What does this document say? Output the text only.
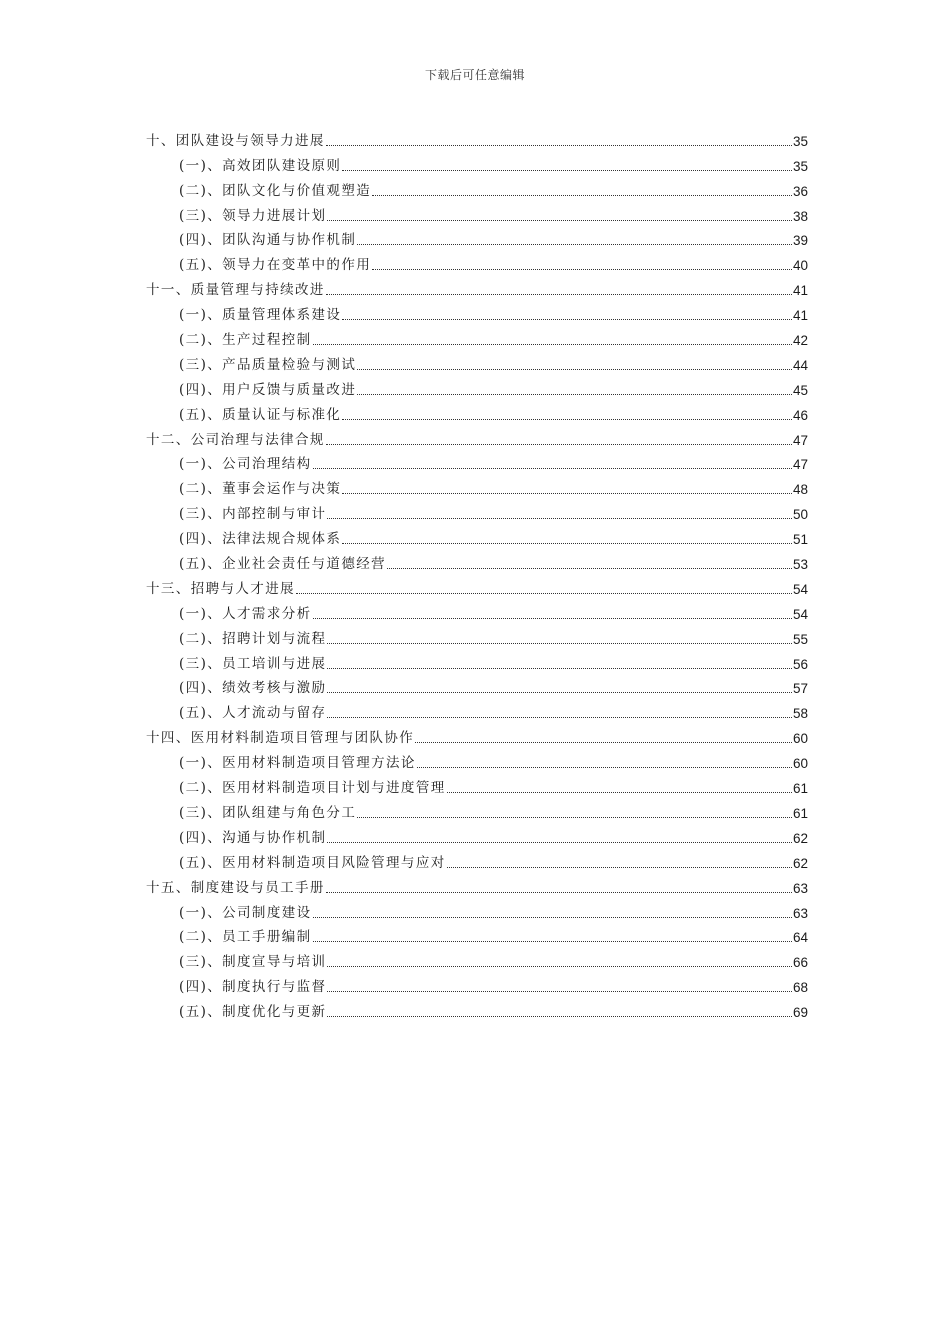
下载后可任意编辑
十、团队建设与领导力进展	35
(一)、高效团队建设原则	35
(二)、团队文化与价值观塑造	36
(三)、领导力进展计划	38
(四)、团队沟通与协作机制	39
(五)、领导力在变革中的作用	40
十一、质量管理与持续改进	41
(一)、质量管理体系建设	41
(二)、生产过程控制	42
(三)、产品质量检验与测试	44
(四)、用户反馈与质量改进	45
(五)、质量认证与标准化	46
十二、公司治理与法律合规	47
(一)、公司治理结构	47
(二)、董事会运作与决策	48
(三)、内部控制与审计	50
(四)、法律法规合规体系	51
(五)、企业社会责任与道德经营	53
十三、招聘与人才进展	54
(一)、人才需求分析	54
(二)、招聘计划与流程	55
(三)、员工培训与进展	56
(四)、绩效考核与激励	57
(五)、人才流动与留存	58
十四、医用材料制造项目管理与团队协作	60
(一)、医用材料制造项目管理方法论	60
(二)、医用材料制造项目计划与进度管理	61
(三)、团队组建与角色分工	61
(四)、沟通与协作机制	62
(五)、医用材料制造项目风险管理与应对	62
十五、制度建设与员工手册	63
(一)、公司制度建设	63
(二)、员工手册编制	64
(三)、制度宣导与培训	66
(四)、制度执行与监督	68
(五)、制度优化与更新	69
